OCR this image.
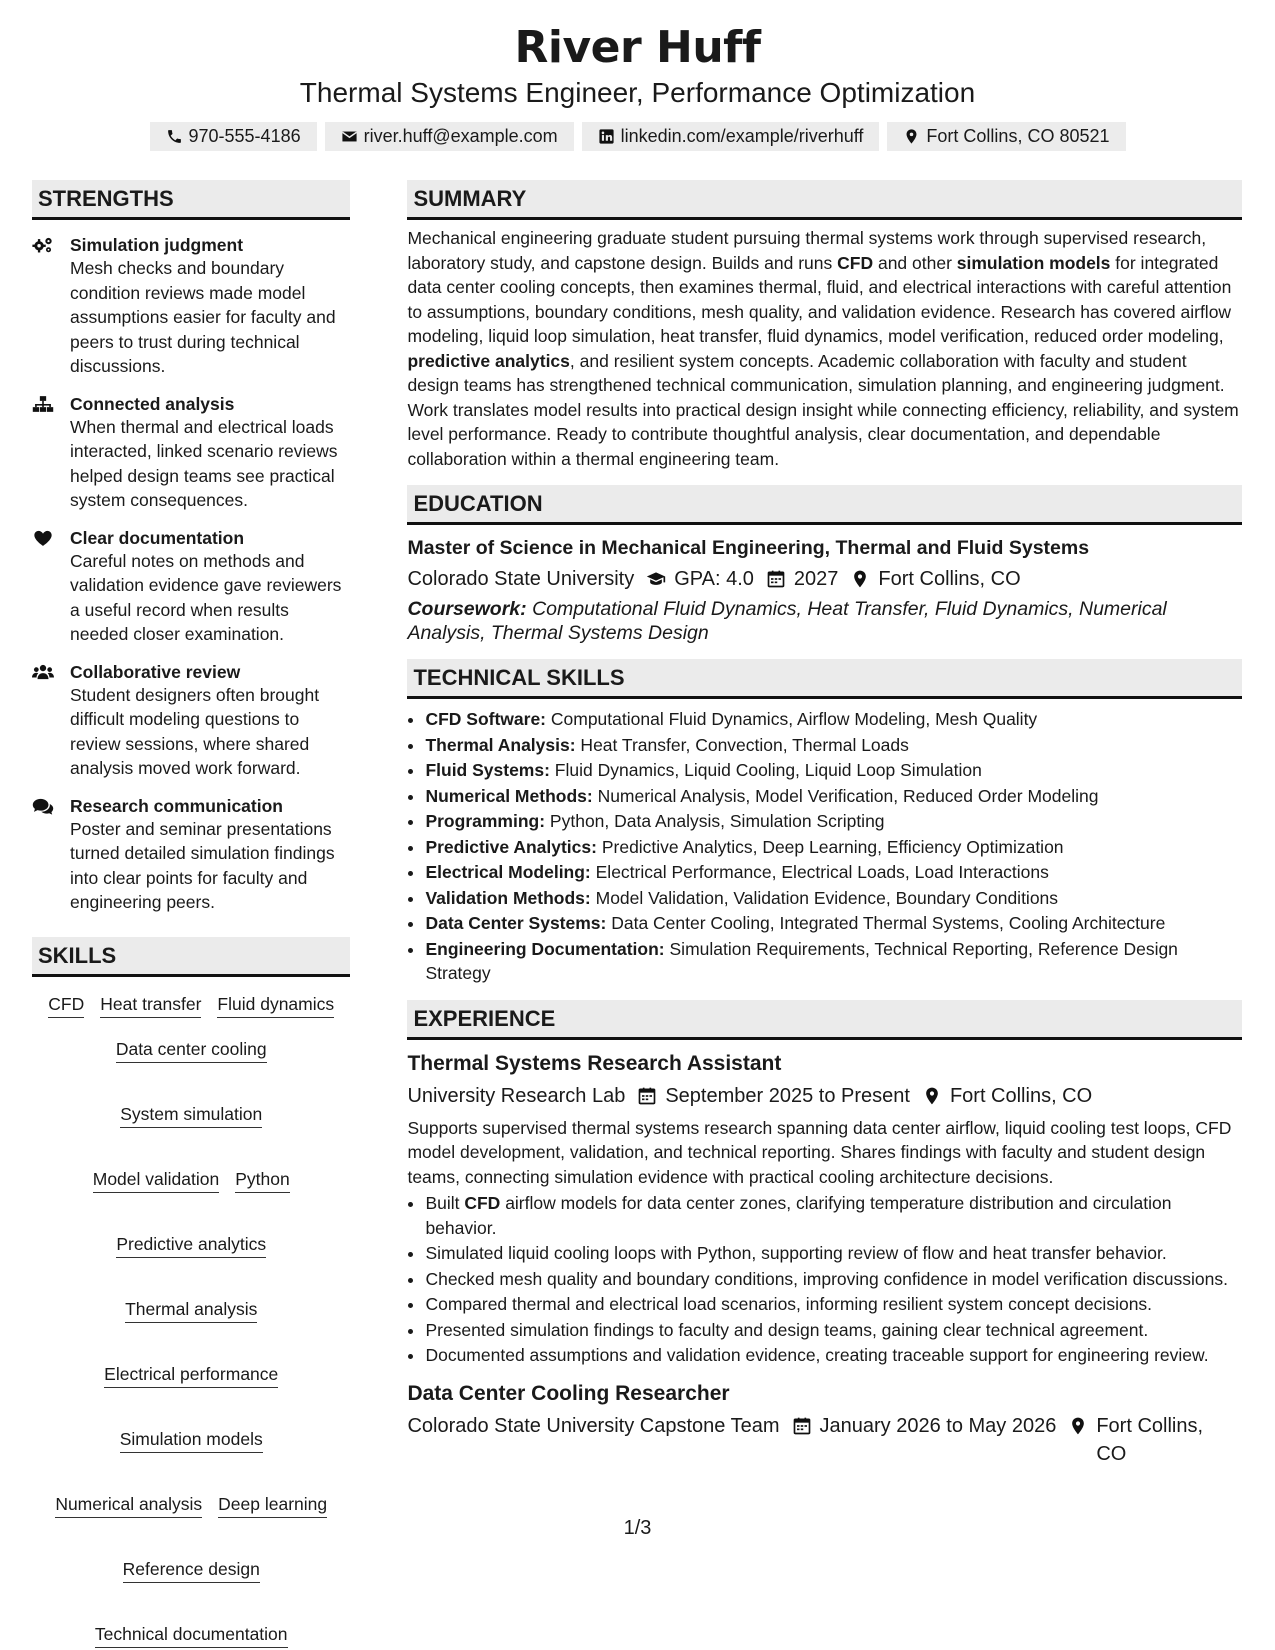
River Huff
Thermal Systems Engineer, Performance Optimization
970-555-4186	river.huff@example.com	linkedin.com/example/riverhuff	Fort Collins, CO 80521
STRENGTHS
Simulation judgment
Mesh checks and boundary condition reviews made model assumptions easier for faculty and peers to trust during technical discussions.
Connected analysis
When thermal and electrical loads interacted, linked scenario reviews helped design teams see practical system consequences.
Clear documentation
Careful notes on methods and validation evidence gave reviewers a useful record when results needed closer examination.
Collaborative review
Student designers often brought difficult modeling questions to review sessions, where shared analysis moved work forward.
Research communication
Poster and seminar presentations turned detailed simulation findings into clear points for faculty and engineering peers.
SKILLS
CFD Heat transfer Fluid dynamics
Data center cooling
System simulation
Model validation Python
Predictive analytics
Thermal analysis
Electrical performance
Simulation models
Numerical analysis Deep learning
Reference design
Technical documentation
SUMMARY
Mechanical engineering graduate student pursuing thermal systems work through supervised research, laboratory study, and capstone design. Builds and runs CFD and other simulation models for integrated data center cooling concepts, then examines thermal, fluid, and electrical interactions with careful attention to assumptions, boundary conditions, mesh quality, and validation evidence. Research has covered airflow modeling, liquid loop simulation, heat transfer, fluid dynamics, model verification, reduced order modeling, predictive analytics, and resilient system concepts. Academic collaboration with faculty and student design teams has strengthened technical communication, simulation planning, and engineering judgment. Work translates model results into practical design insight while connecting efficiency, reliability, and system level performance. Ready to contribute thoughtful analysis, clear documentation, and dependable collaboration within a thermal engineering team.
EDUCATION
Master of Science in Mechanical Engineering, Thermal and Fluid Systems
Colorado State University GPA: 4.0 2027 Fort Collins, CO
Coursework: Computational Fluid Dynamics, Heat Transfer, Fluid Dynamics, Numerical Analysis, Thermal Systems Design
TECHNICAL SKILLS
• CFD Software: Computational Fluid Dynamics, Airflow Modeling, Mesh Quality
• Thermal Analysis: Heat Transfer, Convection, Thermal Loads
• Fluid Systems: Fluid Dynamics, Liquid Cooling, Liquid Loop Simulation
• Numerical Methods: Numerical Analysis, Model Verification, Reduced Order Modeling
• Programming: Python, Data Analysis, Simulation Scripting
• Predictive Analytics: Predictive Analytics, Deep Learning, Efficiency Optimization
• Electrical Modeling: Electrical Performance, Electrical Loads, Load Interactions
• Validation Methods: Model Validation, Validation Evidence, Boundary Conditions
• Data Center Systems: Data Center Cooling, Integrated Thermal Systems, Cooling Architecture
• Engineering Documentation: Simulation Requirements, Technical Reporting, Reference Design Strategy
EXPERIENCE
Thermal Systems Research Assistant
University Research Lab September 2025 to Present Fort Collins, CO
Supports supervised thermal systems research spanning data center airflow, liquid cooling test loops, CFD model development, validation, and technical reporting. Shares findings with faculty and student design teams, connecting simulation evidence with practical cooling architecture decisions.
• Built CFD airflow models for data center zones, clarifying temperature distribution and circulation behavior.
• Simulated liquid cooling loops with Python, supporting review of flow and heat transfer behavior.
• Checked mesh quality and boundary conditions, improving confidence in model verification discussions.
• Compared thermal and electrical load scenarios, informing resilient system concept decisions.
• Presented simulation findings to faculty and design teams, gaining clear technical agreement.
• Documented assumptions and validation evidence, creating traceable support for engineering review.
Data Center Cooling Researcher
Colorado State University Capstone Team January 2026 to May 2026 Fort Collins, CO
1/3
